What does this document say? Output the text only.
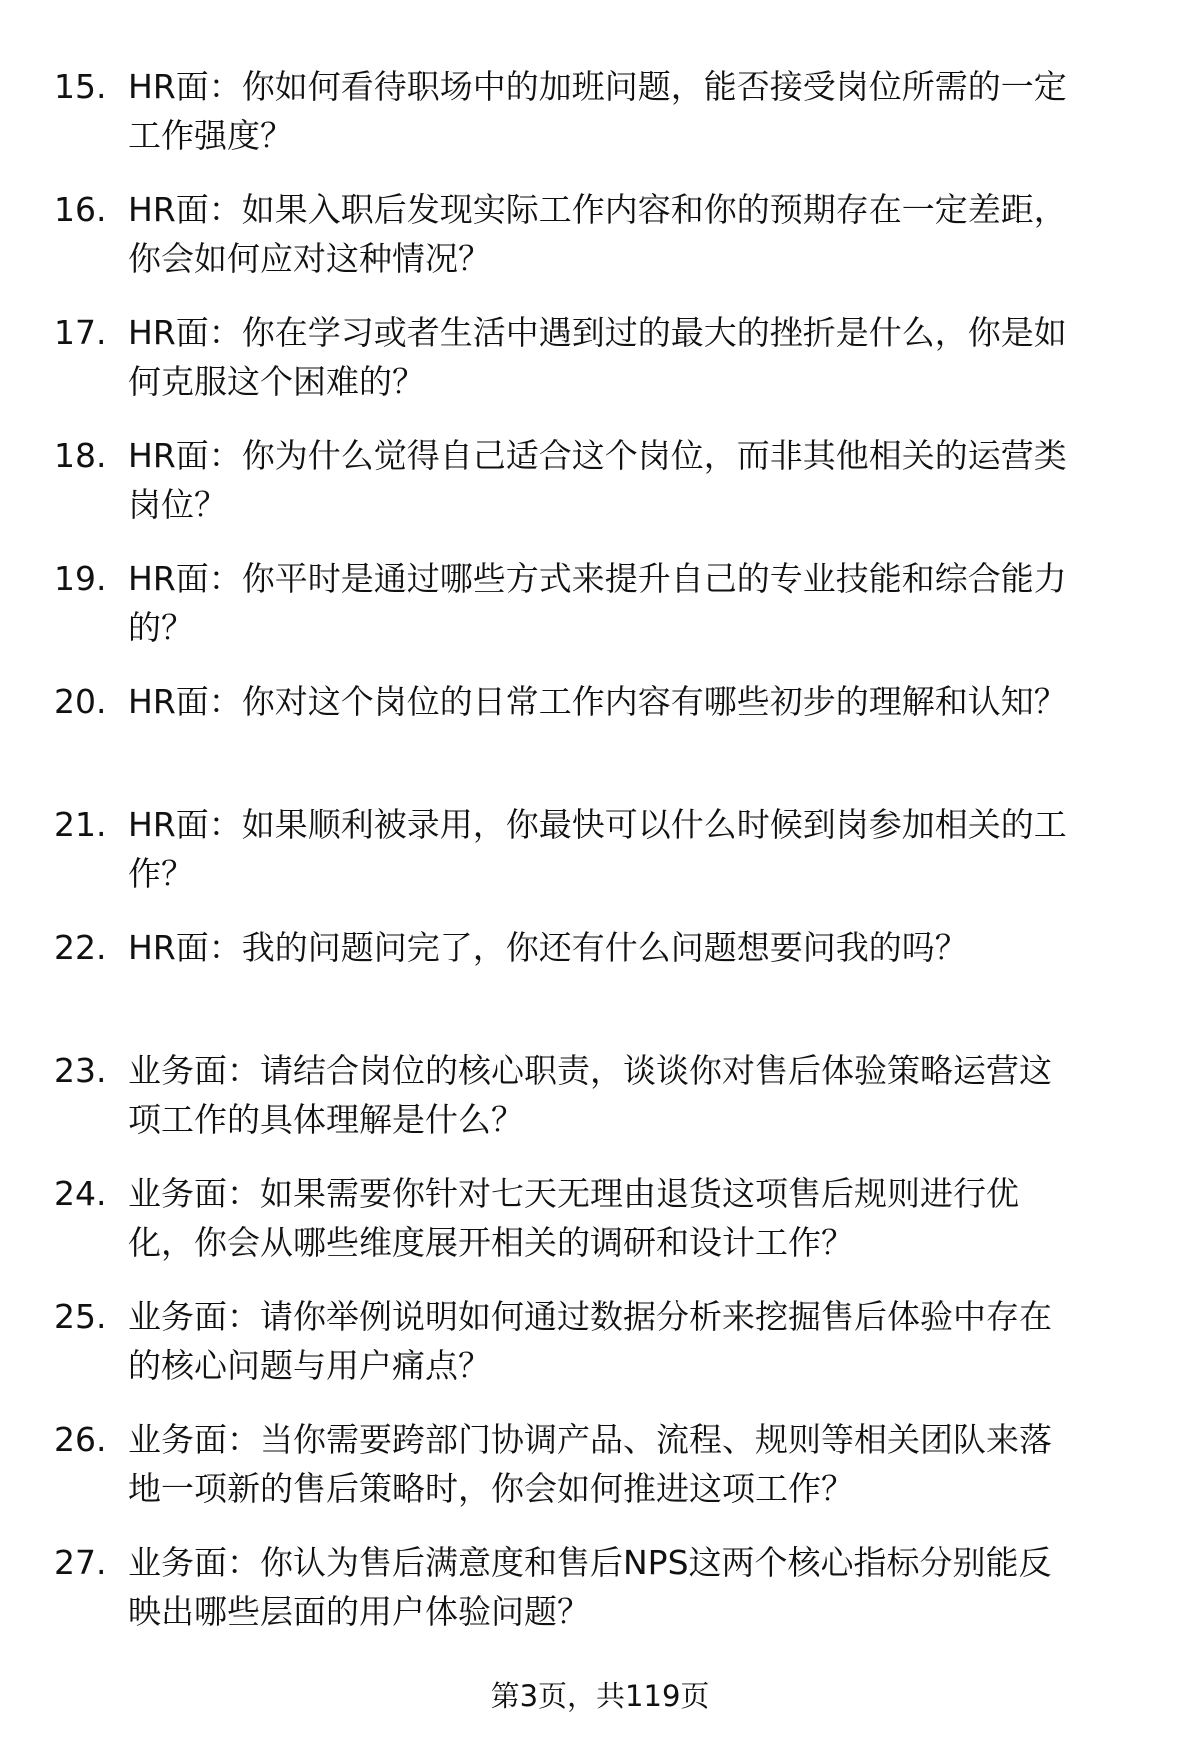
15. HR面：你如何看待职场中的加班问题，能否接受岗位所需的一定
工作强度？
16. HR面：如果入职后发现实际工作内容和你的预期存在一定差距，
你会如何应对这种情况？
17. HR面：你在学习或者生活中遇到过的最大的挫折是什么，你是如
何克服这个困难的？
18. HR面：你为什么觉得自己适合这个岗位，而非其他相关的运营类
岗位？
19. HR面：你平时是通过哪些方式来提升自己的专业技能和综合能力
的？
20. HR面：你对这个岗位的日常工作内容有哪些初步的理解和认知？
21. HR面：如果顺利被录用，你最快可以什么时候到岗参加相关的工
作？
22. HR面：我的问题问完了，你还有什么问题想要问我的吗？
23. 业务面：请结合岗位的核心职责，谈谈你对售后体验策略运营这
项工作的具体理解是什么？
24. 业务面：如果需要你针对七天无理由退货这项售后规则进行优
化，你会从哪些维度展开相关的调研和设计工作？
25. 业务面：请你举例说明如何通过数据分析来挖掘售后体验中存在
的核心问题与用户痛点？
26. 业务面：当你需要跨部门协调产品、流程、规则等相关团队来落
地一项新的售后策略时，你会如何推进这项工作？
27. 业务面：你认为售后满意度和售后NPS这两个核心指标分别能反
映出哪些层面的用户体验问题？
第3页，共119页
